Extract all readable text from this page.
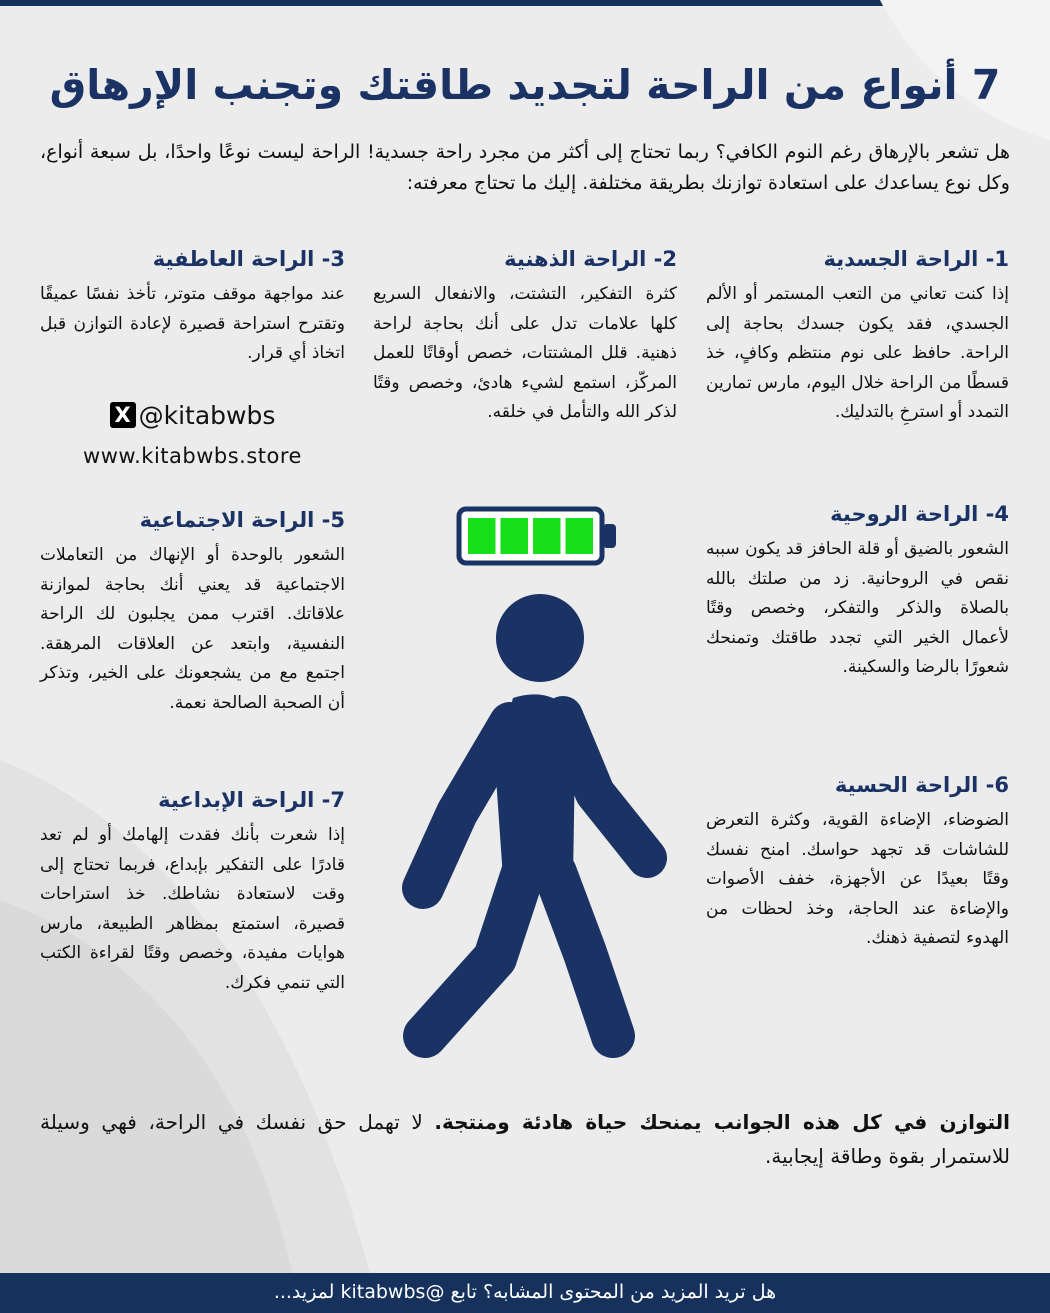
7 أنواع من الراحة لتجديد طاقتك وتجنب الإرهاق

هل تشعر بالإرهاق رغم النوم الكافي؟ ربما تحتاج إلى أكثر من مجرد راحة جسدية! الراحة ليست نوعًا واحدًا، بل سبعة أنواع، وكل نوع يساعدك على استعادة توازنك بطريقة مختلفة. إليك ما تحتاج معرفته:

1- الراحة الجسدية

إذا كنت تعاني من التعب المستمر أو الألم الجسدي، فقد يكون جسدك بحاجة إلى الراحة. حافظ على نوم منتظم وكافٍ، خذ قسطًا من الراحة خلال اليوم، مارس تمارين التمدد أو استرخِ بالتدليك.

4- الراحة الروحية

الشعور بالضيق أو قلة الحافز قد يكون سببه نقص في الروحانية. زد من صلتك بالله بالصلاة والذكر والتفكر، وخصص وقتًا لأعمال الخير التي تجدد طاقتك وتمنحك شعورًا بالرضا والسكينة.

6- الراحة الحسية

الضوضاء، الإضاءة القوية، وكثرة التعرض للشاشات قد تجهد حواسك. امنح نفسك وقتًا بعيدًا عن الأجهزة، خفف الأصوات والإضاءة عند الحاجة، وخذ لحظات من الهدوء لتصفية ذهنك.

2- الراحة الذهنية

كثرة التفكير، التشتت، والانفعال السريع كلها علامات تدل على أنك بحاجة لراحة ذهنية. قلل المشتتات، خصص أوقاتًا للعمل المركّز، استمع لشيء هادئ، وخصص وقتًا لذكر الله والتأمل في خلقه.

3- الراحة العاطفية

عند مواجهة موقف متوتر، تأخذ نفسًا عميقًا وتقترح استراحة قصيرة لإعادة التوازن قبل اتخاذ أي قرار.

X @kitabwbs
www.kitabwbs.store
5- الراحة الاجتماعية

الشعور بالوحدة أو الإنهاك من التعاملات الاجتماعية قد يعني أنك بحاجة لموازنة علاقاتك. اقترب ممن يجلبون لك الراحة النفسية، وابتعد عن العلاقات المرهقة. اجتمع مع من يشجعونك على الخير، وتذكر أن الصحبة الصالحة نعمة.

7- الراحة الإبداعية

إذا شعرت بأنك فقدت إلهامك أو لم تعد قادرًا على التفكير بإبداع، فربما تحتاج إلى وقت لاستعادة نشاطك. خذ استراحات قصيرة، استمتع بمظاهر الطبيعة، مارس هوايات مفيدة، وخصص وقتًا لقراءة الكتب التي تنمي فكرك.

التوازن في كل هذه الجوانب يمنحك حياة هادئة ومنتجة. لا تهمل حق نفسك في الراحة، فهي وسيلة للاستمرار بقوة وطاقة إيجابية.

هل تريد المزيد من المحتوى المشابه؟ تابع @kitabwbs لمزيد...
